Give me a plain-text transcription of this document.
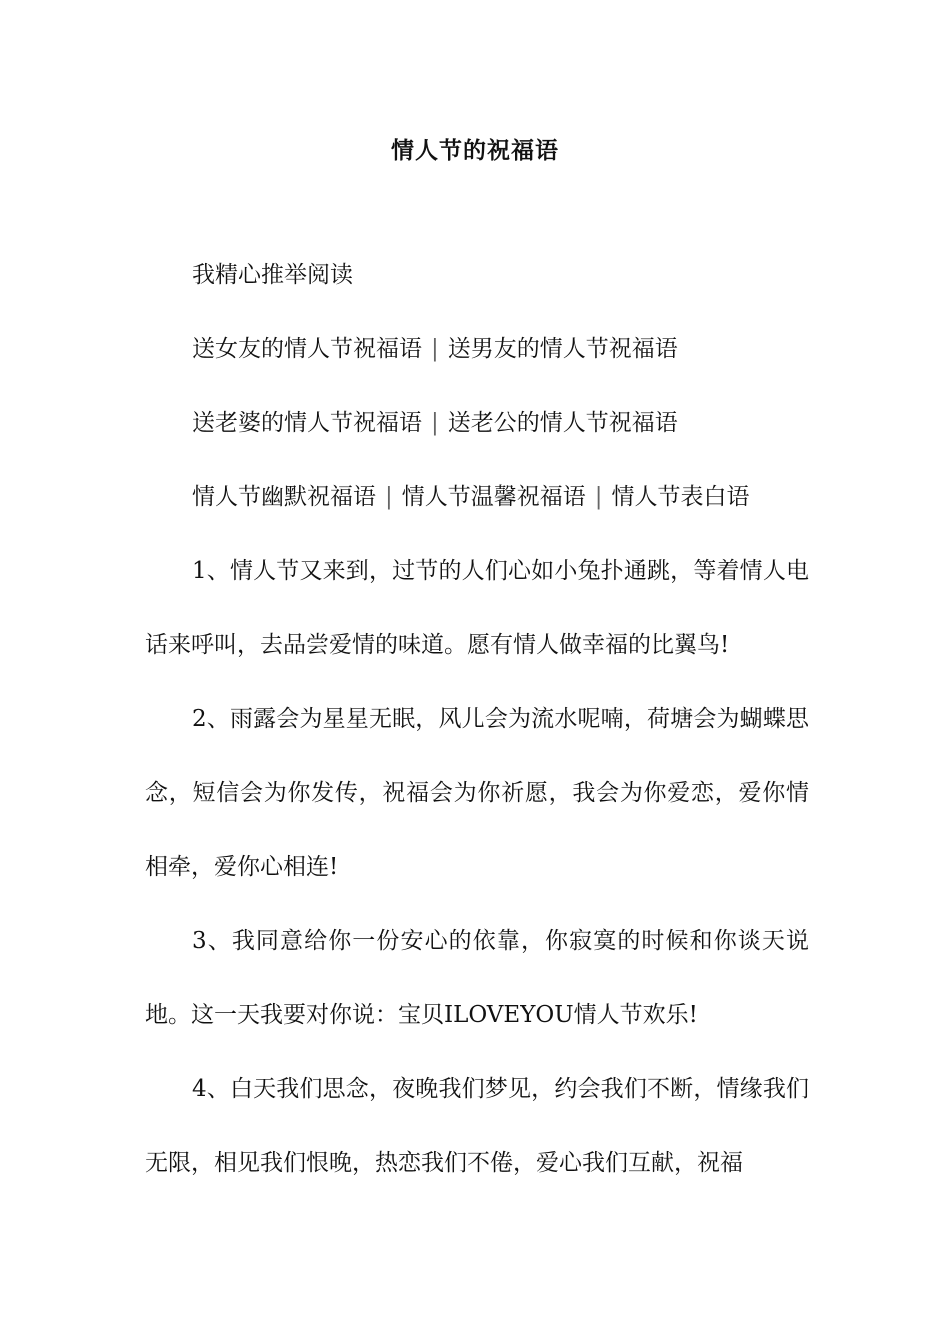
情人节的祝福语

我精心推举阅读

送女友的情人节祝福语 | 送男友的情人节祝福语

送老婆的情人节祝福语 | 送老公的情人节祝福语

情人节幽默祝福语 | 情人节温馨祝福语 | 情人节表白语

1、情人节又来到，过节的人们心如小兔扑通跳，等着情人电话来呼叫，去品尝爱情的味道。愿有情人做幸福的比翼鸟!

2、雨露会为星星无眠，风儿会为流水呢喃，荷塘会为蝴蝶思念，短信会为你发传，祝福会为你祈愿，我会为你爱恋，爱你情相牵，爱你心相连!

3、我同意给你一份安心的依靠，你寂寞的时候和你谈天说地。这一天我要对你说：宝贝ILOVEYOU情人节欢乐!

4、白天我们思念，夜晚我们梦见，约会我们不断，情缘我们无限，相见我们恨晚，热恋我们不倦，爱心我们互献，祝福
